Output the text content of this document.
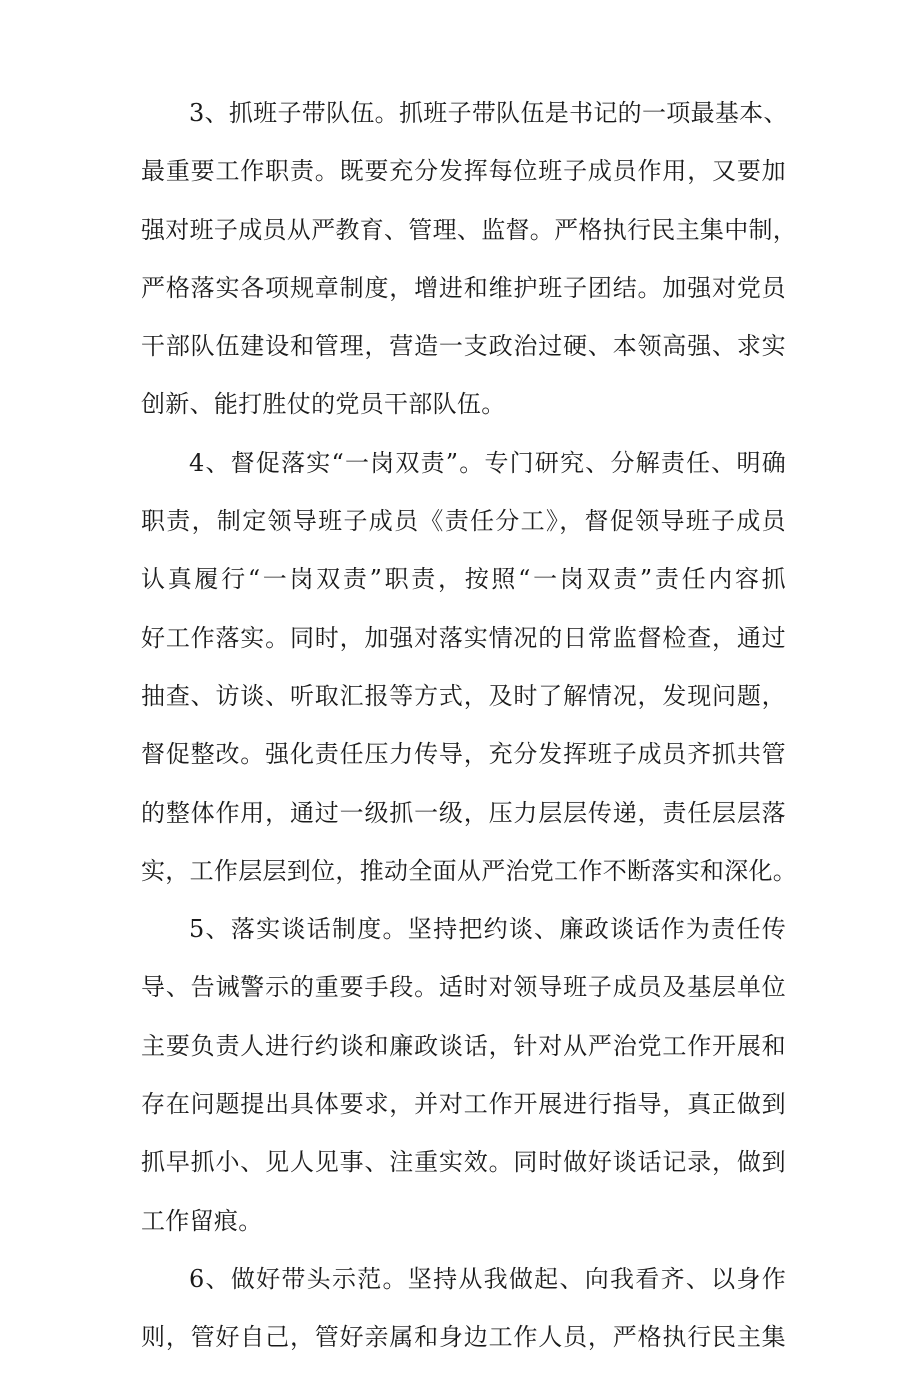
3、抓班子带队伍。抓班子带队伍是书记的一项最基本、
最重要工作职责。既要充分发挥每位班子成员作用，又要加
强对班子成员从严教育、管理、监督。严格执行民主集中制，
严格落实各项规章制度，增进和维护班子团结。加强对党员
干部队伍建设和管理，营造一支政治过硬、本领高强、求实
创新、能打胜仗的党员干部队伍。
4、督促落实“一岗双责”。专门研究、分解责任、明确
职责，制定领导班子成员《责任分工》，督促领导班子成员
认真履行“一岗双责”职责，按照“一岗双责”责任内容抓
好工作落实。同时，加强对落实情况的日常监督检查，通过
抽查、访谈、听取汇报等方式，及时了解情况，发现问题，
督促整改。强化责任压力传导，充分发挥班子成员齐抓共管
的整体作用，通过一级抓一级，压力层层传递，责任层层落
实，工作层层到位，推动全面从严治党工作不断落实和深化。
5、落实谈话制度。坚持把约谈、廉政谈话作为责任传
导、告诫警示的重要手段。适时对领导班子成员及基层单位
主要负责人进行约谈和廉政谈话，针对从严治党工作开展和
存在问题提出具体要求，并对工作开展进行指导，真正做到
抓早抓小、见人见事、注重实效。同时做好谈话记录，做到
工作留痕。
6、做好带头示范。坚持从我做起、向我看齐、以身作
则，管好自己，管好亲属和身边工作人员，严格执行民主集
